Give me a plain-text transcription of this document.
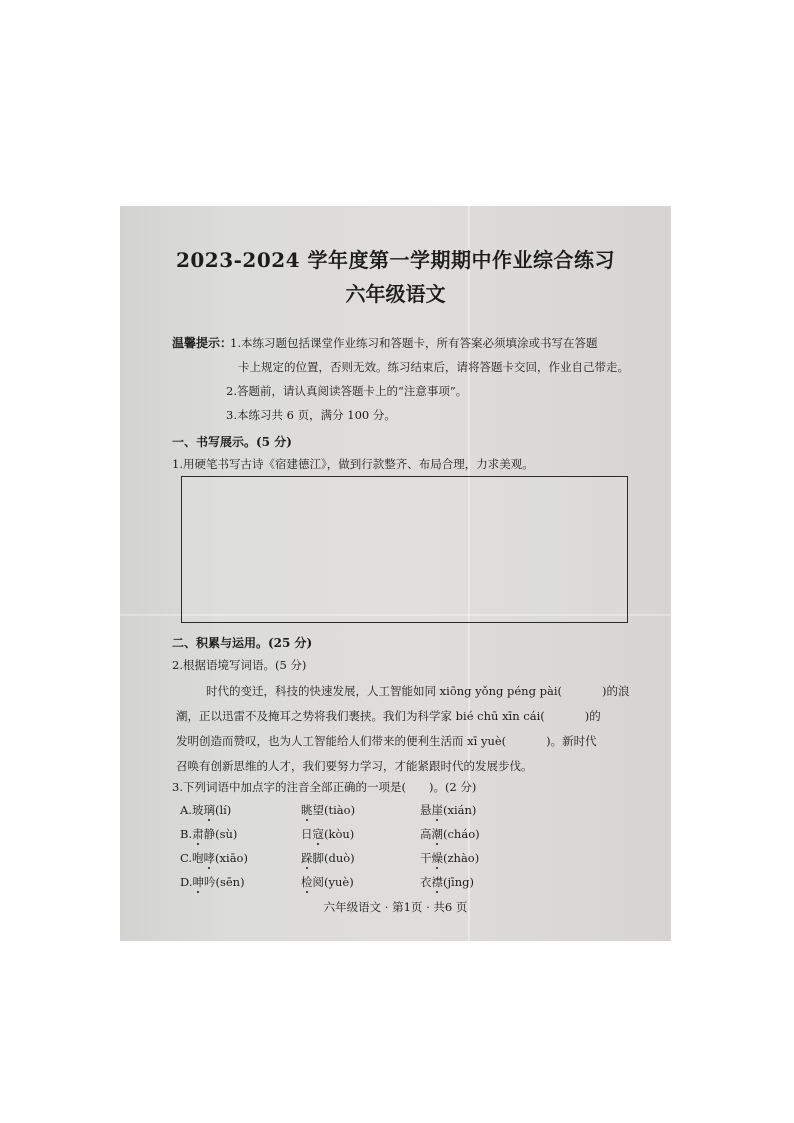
2023-2024 学年度第一学期期中作业综合练习
六年级语文
温馨提示：
1.本练习题包括课堂作业练习和答题卡，所有答案必须填涂或书写在答题
卡上规定的位置，否则无效。练习结束后，请将答题卡交回，作业自己带走。
2.答题前，请认真阅读答题卡上的“注意事项”。
3.本练习共 6 页，满分 100 分。
一、书写展示。(5 分)
1.用硬笔书写古诗《宿建德江》，做到行款整齐、布局合理，力求美观。
二、积累与运用。(25 分)
2.根据语境写词语。(5 分)
时代的变迁，科技的快速发展，人工智能如同 xiōng yǒng péng pài(	)的浪
潮，正以迅雷不及掩耳之势将我们裹挟。我们为科学家 bié chū xīn cái(	)的
发明创造而赞叹，也为人工智能给人们带来的便利生活而 xī yuè(	)。新时代
召唤有创新思维的人才，我们要努力学习，才能紧跟时代的发展步伐。
3.下列词语中加点字的注音全部正确的一项是(　　)。(2 分)
A.玻璃(lí)	眺望(tiào)	悬崖(xián)
B.肃静(sù)	日寇(kòu)	高潮(cháo)
C.咆哮(xiāo)	跺脚(duò)	干燥(zhào)
D.呻吟(sēn)	检阅(yuè)	衣襟(jīng)
六年级语文 · 第1页 · 共6 页
